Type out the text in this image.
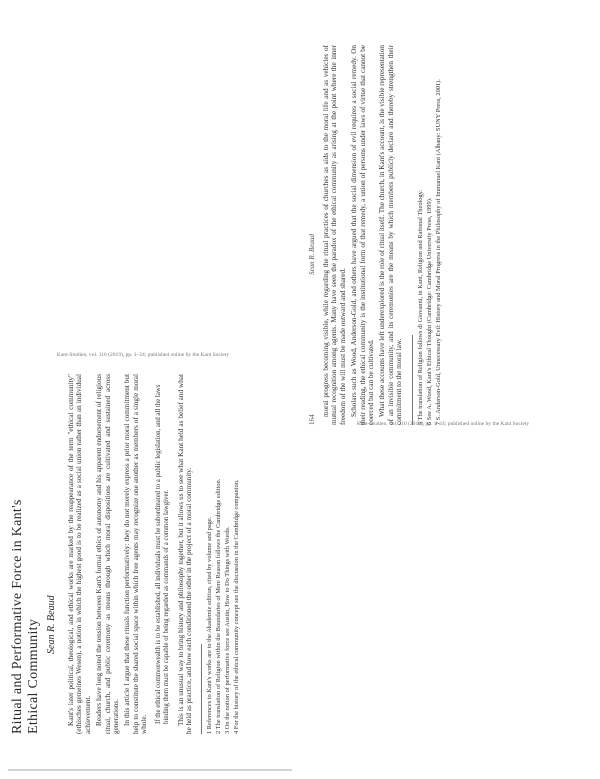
Ritual and Performative Force in Kant's Ethical Community Sean R. Beaud Kant's later political, theological, and ethical works are marked by the reappearance of the term "ethical community" (ethisches gemeines Wesen), a notion in which the highest good is to be realized as a social union rather than an individual achievement. Readers have long noted the tension between Kant's formal ethics of autonomy and his apparent endorsement of religious ritual, church, and public ceremony as means through which moral dispositions are cultivated and sustained across generations. In this article I argue that these rituals function performatively: they do not merely express a prior moral commitment but help to constitute the shared social space within which free agents may recognize one another as members of a single moral whole.

If the ethical commonwealth is to be established, all individuals must be subordinated to a public legislation, and all the laws binding them must be capable of being regarded as commands of a common lawgiver. This is an unusual way to bring history and philosophy together, but it allows us to see what Kant held as belief and what he held as practice, and how each conditioned the other in the project of a moral community. 1 References to Kant's works are to the Akademie edition, cited by volume and page. 2 The translation of Religion within the Boundaries of Mere Reason follows the Cambridge edition. 3 On the notion of performative force see Austin, How to Do Things with Words. 4 For the history of the ethical community concept see the discussion in the Cambridge companion.
Kant-Studien, vol. 110 (2019), pp. 1–24; published online by the Kant Society
164
Sean R. Beaud moral progress becoming visible, while regarding the ritual practices of churches as aids to the moral life and as vehicles of mutual recognition among agents. Many have seen the paradox of the ethical community as arising at the point where the inner freedom of the will must be made outward and shared. Scholars such as Wood, Anderson-Gold, and others have argued that the social dimension of evil requires a social remedy. On their reading, the ethical community is the institutional form of that remedy, a union of persons under laws of virtue that cannot be coerced but can be cultivated. What these accounts have left underexplored is the role of ritual itself. The church, in Kant's account, is the visible representation of an invisible community, and its ceremonies are the means by which members publicly declare and thereby strengthen their commitment to the moral law. 5 The translation of Religion follows di Giovanni, in Kant, Religion and Rational Theology. 6 See A. Wood, Kant's Ethical Thought (Cambridge: Cambridge University Press, 1999). 7 S. Anderson-Gold, Unnecessary Evil: History and Moral Progress in the Philosophy of Immanuel Kant (Albany: SUNY Press, 2001).
Kant-Studien, vol. 110 (2019), pp. 1–24; published online by the Kant Society
